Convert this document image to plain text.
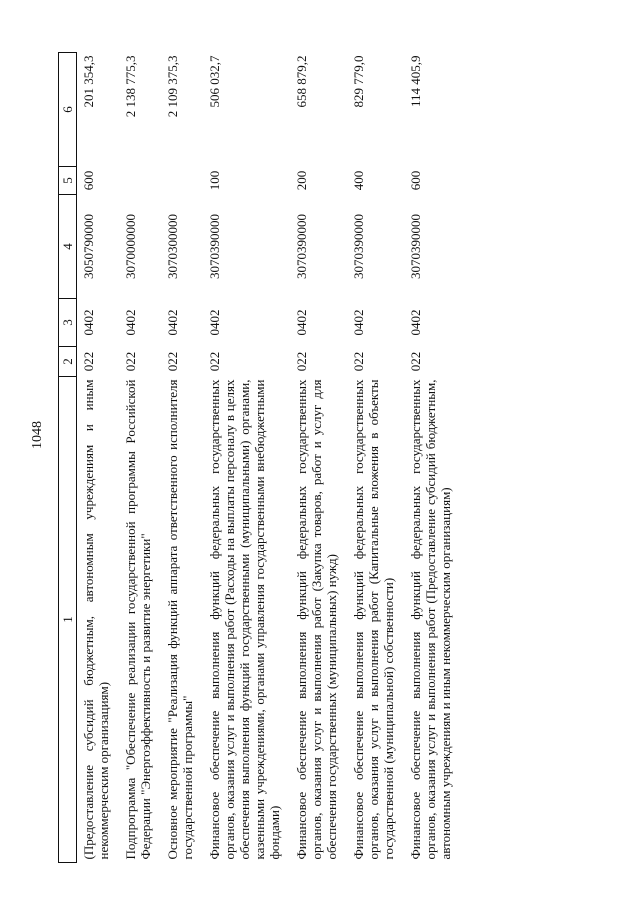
1048
1	2	3	4	5	6
(Предоставление субсидий бюджетным, автономным учреждениям и иным некоммерческим организациям)	022	0402	3050790000	600	201 354,3
Подпрограмма "Обеспечение реализации государственной программы Российской Федерации "Энергоэффективность и развитие энергетики"	022	0402	3070000000		2 138 775,3
Основное мероприятие "Реализация функций аппарата ответственного исполнителя государственной программы"	022	0402	3070300000		2 109 375,3
Финансовое обеспечение выполнения функций федеральных государственных органов, оказания услуг и выполнения работ (Расходы на выплаты персоналу в целях обеспечения выполнения функций государственными (муниципальными) органами, казенными учреждениями, органами управления государственными внебюджетными фондами)	022	0402	3070390000	100	506 032,7
Финансовое обеспечение выполнения функций федеральных государственных органов, оказания услуг и выполнения работ (Закупка товаров, работ и услуг для обеспечения государственных (муниципальных) нужд)	022	0402	3070390000	200	658 879,2
Финансовое обеспечение выполнения функций федеральных государственных органов, оказания услуг и выполнения работ (Капитальные вложения в объекты государственной (муниципальной) собственности)	022	0402	3070390000	400	829 779,0
Финансовое обеспечение выполнения функций федеральных государственных органов, оказания услуг и выполнения работ (Предоставление субсидий бюджетным, автономным учреждениям и иным некоммерческим организациям)	022	0402	3070390000	600	114 405,9
